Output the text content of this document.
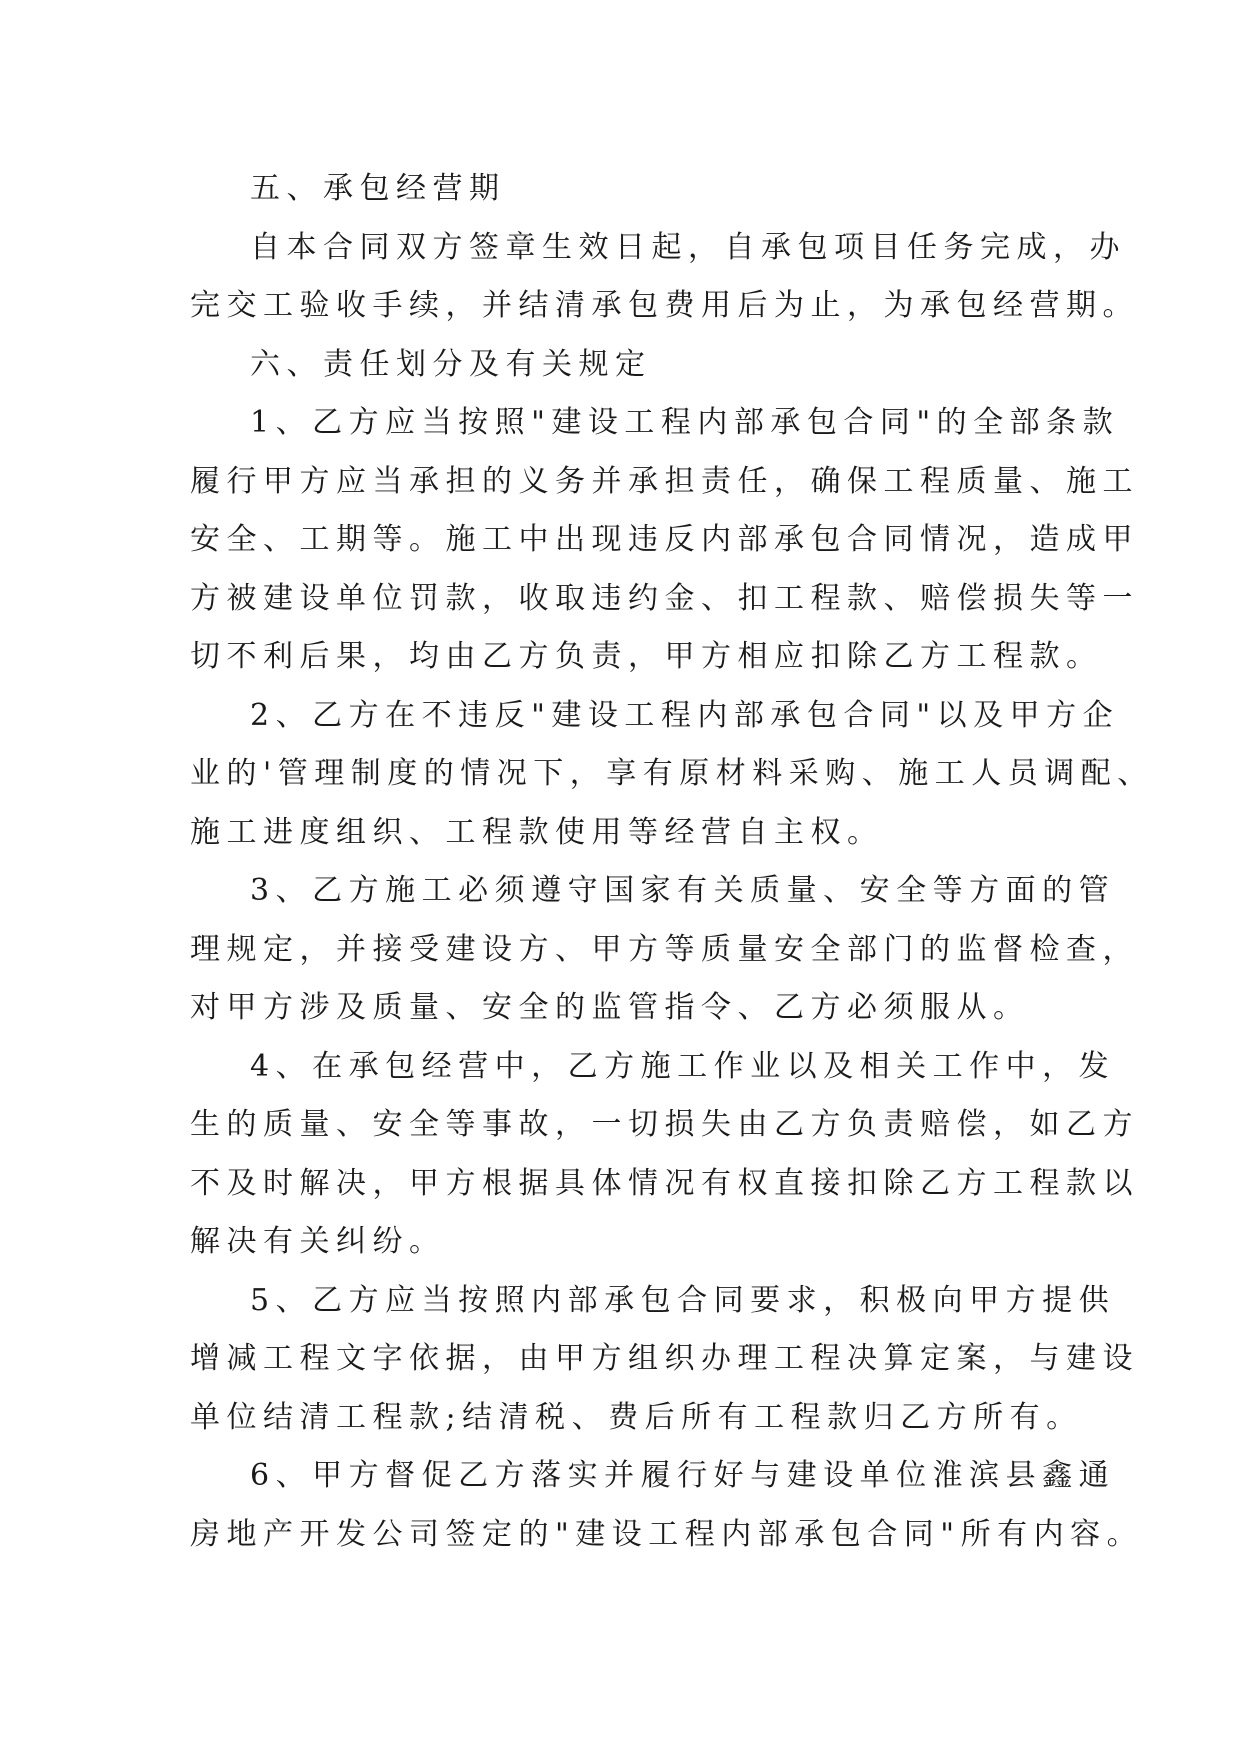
五、承包经营期

自本合同双方签章生效日起，自承包项目任务完成，办
完交工验收手续，并结清承包费用后为止，为承包经营期。

六、责任划分及有关规定

1、乙方应当按照"建设工程内部承包合同"的全部条款
履行甲方应当承担的义务并承担责任，确保工程质量、施工
安全、工期等。施工中出现违反内部承包合同情况，造成甲
方被建设单位罚款，收取违约金、扣工程款、赔偿损失等一
切不利后果，均由乙方负责，甲方相应扣除乙方工程款。

2、乙方在不违反"建设工程内部承包合同"以及甲方企
业的'管理制度的情况下，享有原材料采购、施工人员调配、
施工进度组织、工程款使用等经营自主权。

3、乙方施工必须遵守国家有关质量、安全等方面的管
理规定，并接受建设方、甲方等质量安全部门的监督检查，
对甲方涉及质量、安全的监管指令、乙方必须服从。

4、在承包经营中，乙方施工作业以及相关工作中，发
生的质量、安全等事故，一切损失由乙方负责赔偿，如乙方
不及时解决，甲方根据具体情况有权直接扣除乙方工程款以
解决有关纠纷。

5、乙方应当按照内部承包合同要求，积极向甲方提供
增减工程文字依据，由甲方组织办理工程决算定案，与建设
单位结清工程款;结清税、费后所有工程款归乙方所有。

6、甲方督促乙方落实并履行好与建设单位淮滨县鑫通
房地产开发公司签定的"建设工程内部承包合同"所有内容。
